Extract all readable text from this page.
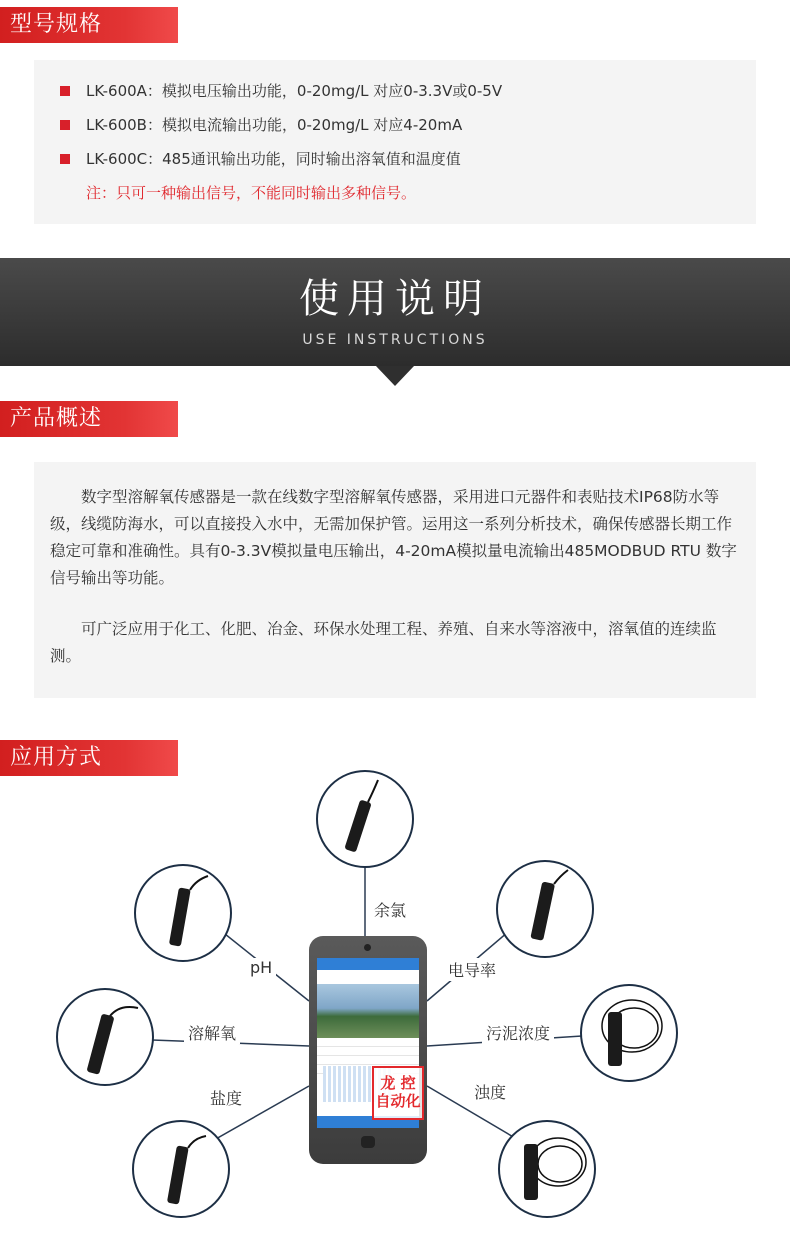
型号规格
LK-600A：模拟电压输出功能，0-20mg/L 对应0-3.3V或0-5V
LK-600B：模拟电流输出功能，0-20mg/L 对应4-20mA
LK-600C：485通讯输出功能，同时输出溶氧值和温度值
注：只可一种输出信号，不能同时输出多种信号。
使用说明
USE INSTRUCTIONS
产品概述

数字型溶解氧传感器是一款在线数字型溶解氧传感器，采用进口元器件和表贴技术IP68防水等级，线缆防海水，可以直接投入水中，无需加保护管。运用这一系列分析技术，确保传感器长期工作稳定可靠和准确性。具有0-3.3V模拟量电压输出，4-20mA模拟量电流输出485MODBUD RTU 数字信号输出等功能。

可广泛应用于化工、化肥、冶金、环保水处理工程、养殖、自来水等溶液中，溶氧值的连续监测。

应用方式
余氯
pH	电导率
溶解氧	污泥浓度
盐度	浊度
龙 控
自动化
